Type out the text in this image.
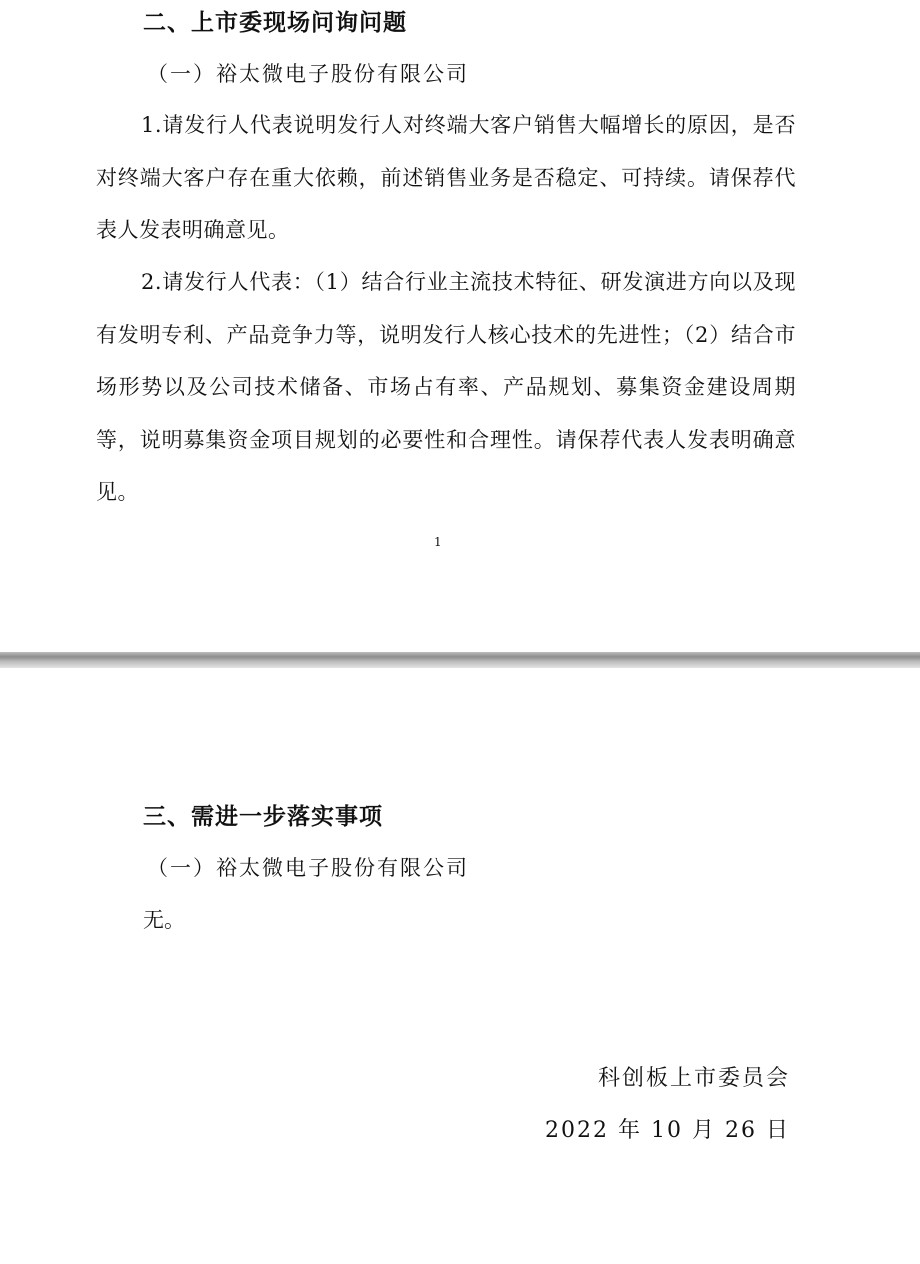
二、上市委现场问询问题

（一）裕太微电子股份有限公司

1.请发行人代表说明发行人对终端大客户销售大幅增长的原因，是否对终端大客户存在重大依赖，前述销售业务是否稳定、可持续。请保荐代表人发表明确意见。

2.请发行人代表：（1）结合行业主流技术特征、研发演进方向以及现有发明专利、产品竞争力等，说明发行人核心技术的先进性；（2）结合市场形势以及公司技术储备、市场占有率、产品规划、募集资金建设周期等，说明募集资金项目规划的必要性和合理性。请保荐代表人发表明确意见。

1

三、需进一步落实事项

（一）裕太微电子股份有限公司

无。

科创板上市委员会

2022 年 10 月 26 日
